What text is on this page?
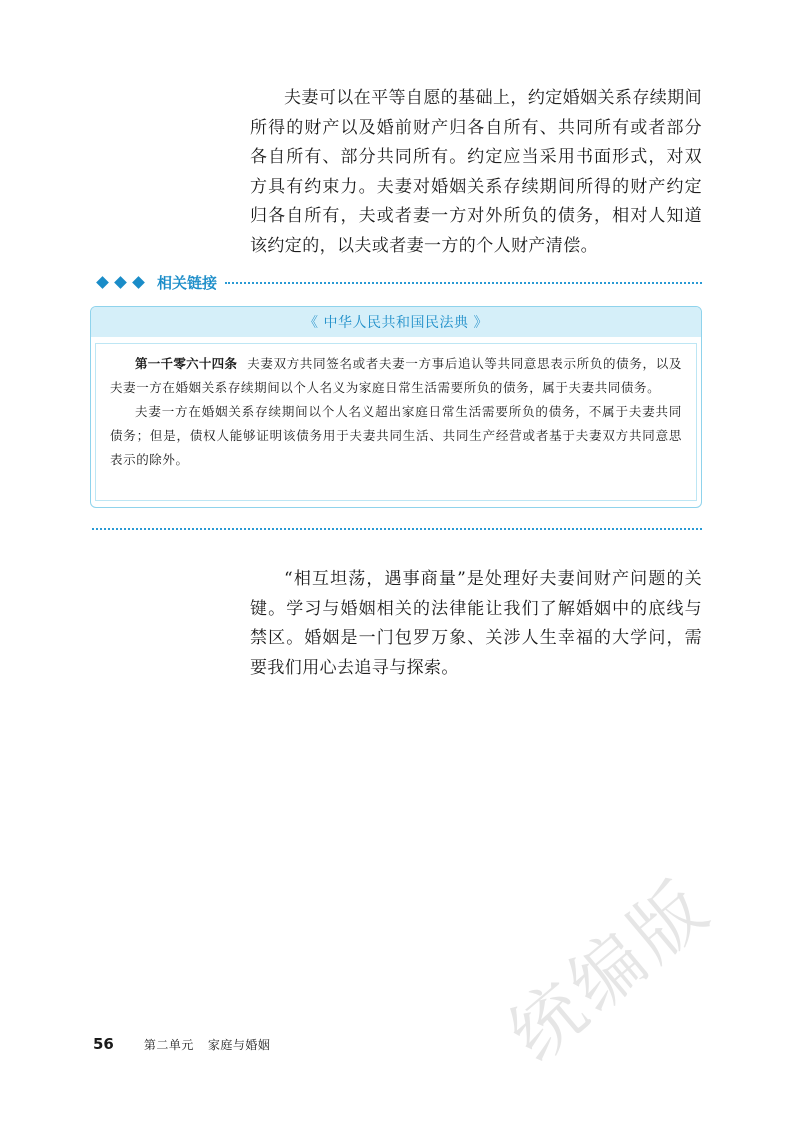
夫妻可以在平等自愿的基础上，约定婚姻关系存续期间所得的财产以及婚前财产归各自所有、共同所有或者部分各自所有、部分共同所有。约定应当采用书面形式，对双方具有约束力。夫妻对婚姻关系存续期间所得的财产约定归各自所有，夫或者妻一方对外所负的债务，相对人知道该约定的，以夫或者妻一方的个人财产清偿。

相关链接
《 中华人民共和国民法典 》

第一千零六十四条 夫妻双方共同签名或者夫妻一方事后追认等共同意思表示所负的债务，以及夫妻一方在婚姻关系存续期间以个人名义为家庭日常生活需要所负的债务，属于夫妻共同债务。

夫妻一方在婚姻关系存续期间以个人名义超出家庭日常生活需要所负的债务，不属于夫妻共同债务；但是，债权人能够证明该债务用于夫妻共同生活、共同生产经营或者基于夫妻双方共同意思表示的除外。

“相互坦荡，遇事商量”是处理好夫妻间财产问题的关键。学习与婚姻相关的法律能让我们了解婚姻中的底线与禁区。婚姻是一门包罗万象、关涉人生幸福的大学问，需要我们用心去追寻与探索。

统编版
56	第二单元 家庭与婚姻
